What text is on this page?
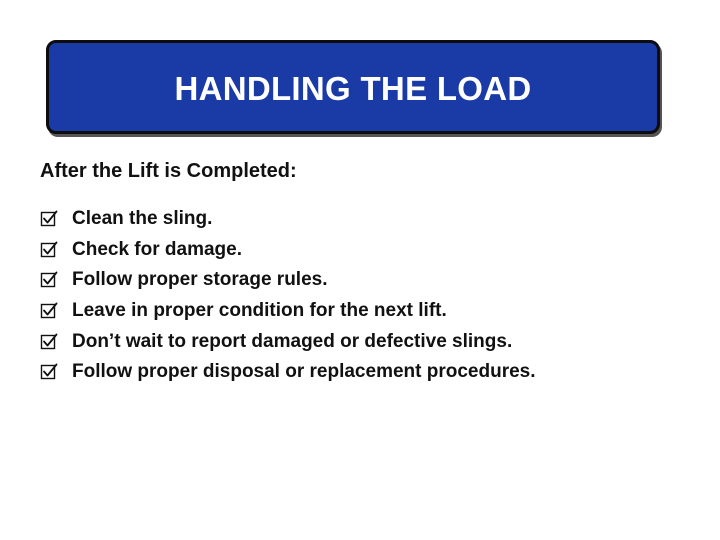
HANDLING THE LOAD
After the Lift is Completed:
Clean the sling.
Check for damage.
Follow proper storage rules.
Leave in proper condition for the next lift.
Don’t wait to report damaged or defective slings.
Follow proper disposal or replacement procedures.
